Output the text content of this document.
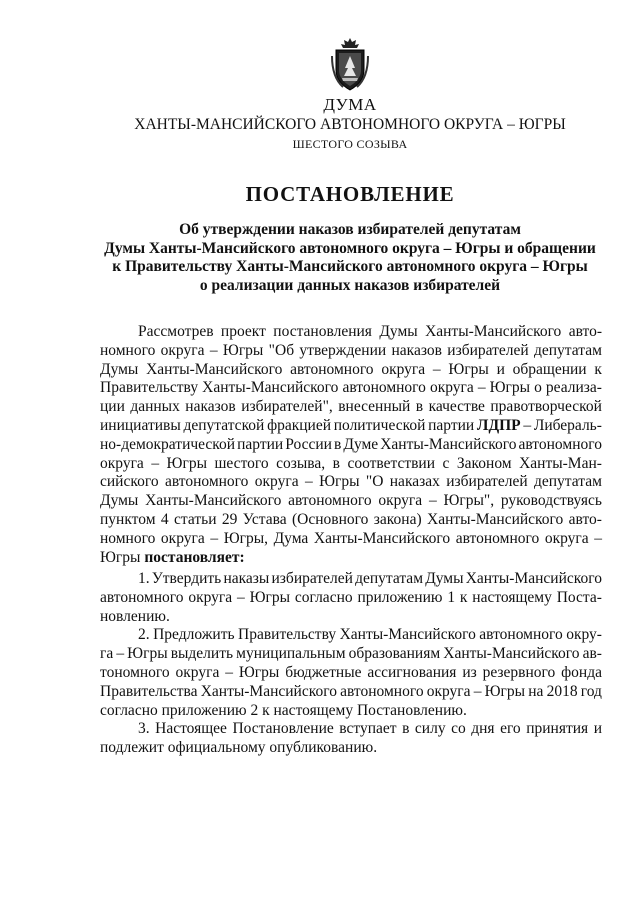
ДУМА
ХАНТЫ-МАНСИЙСКОГО АВТОНОМНОГО ОКРУГА – ЮГРЫ
ШЕСТОГО СОЗЫВА
ПОСТАНОВЛЕНИЕ
Об утверждении наказов избирателей депутатам
Думы Ханты-Мансийского автономного округа – Югры и обращении
к Правительству Ханты-Мансийского автономного округа – Югры
о реализации данных наказов избирателей
Рассмотрев проект постановления Думы Ханты-Мансийского авто-
номного округа – Югры "Об утверждении наказов избирателей депутатам
Думы Ханты-Мансийского автономного округа – Югры и обращении к
Правительству Ханты-Мансийского автономного округа – Югры о реализа-
ции данных наказов избирателей", внесенный в качестве правотворческой
инициативы депутатской фракцией политической партии ЛДПР – Либераль-
но-демократической партии России в Думе Ханты-Мансийского автономного
округа – Югры шестого созыва, в соответствии с Законом Ханты-Ман-
сийского автономного округа – Югры "О наказах избирателей депутатам
Думы Ханты-Мансийского автономного округа – Югры", руководствуясь
пунктом 4 статьи 29 Устава (Основного закона) Ханты-Мансийского авто-
номного округа – Югры, Дума Ханты-Мансийского автономного округа –
Югры
постановляет:
1. Утвердить наказы избирателей депутатам Думы Ханты-Мансийского
автономного округа – Югры согласно приложению 1 к настоящему Поста-
новлению.
2. Предложить Правительству Ханты-Мансийского автономного окру-
га – Югры выделить муниципальным образованиям Ханты-Мансийского ав-
тономного округа – Югры бюджетные ассигнования из резервного фонда
Правительства Ханты-Мансийского автономного округа – Югры на 2018 год
согласно приложению 2 к настоящему Постановлению.
3. Настоящее Постановление вступает в силу со дня его принятия и
подлежит официальному опубликованию.
